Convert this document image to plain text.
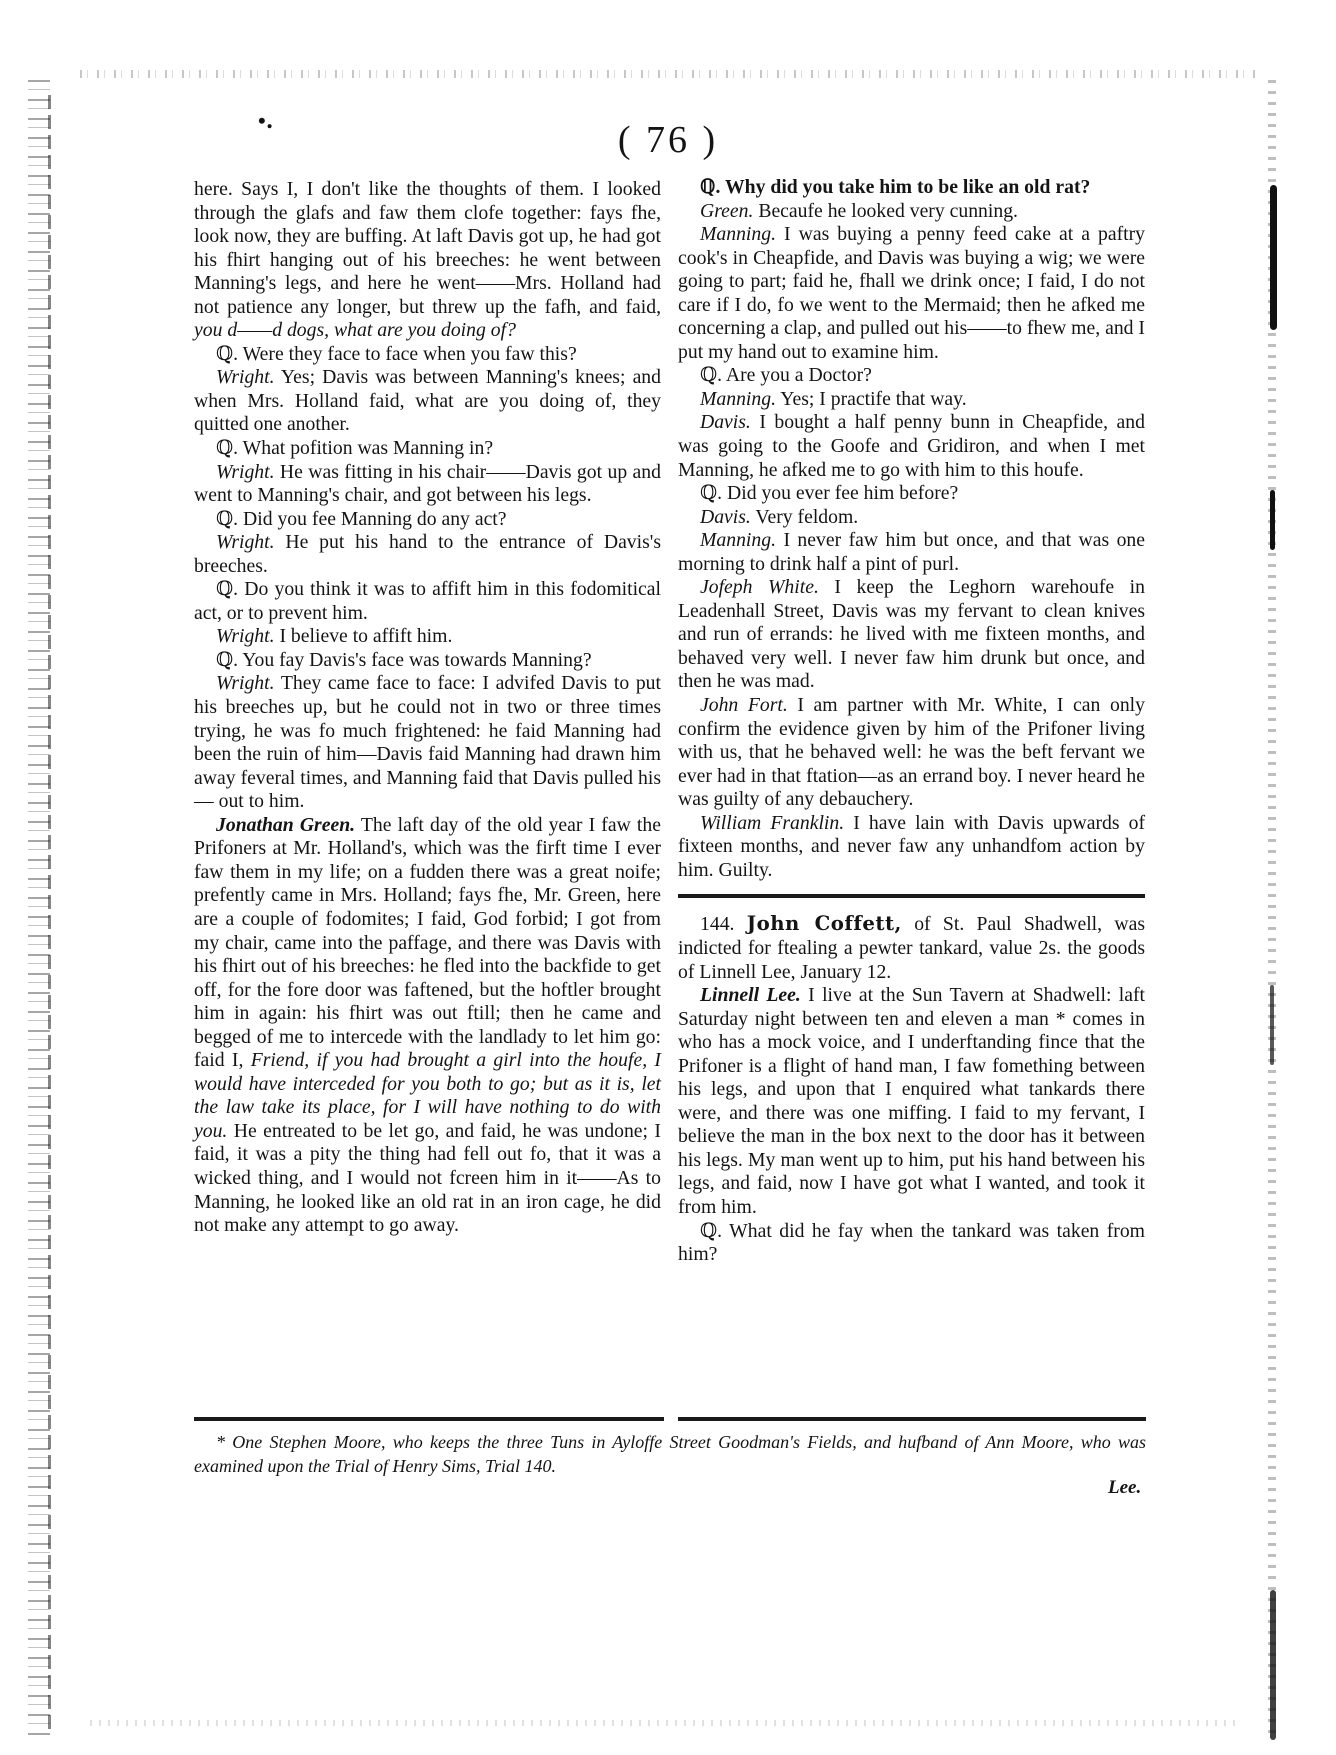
•․	( 76 )

here. Says I, I don't like the thoughts of them. I looked through the glafs and faw them clofe together: fays fhe, look now, they are buffing. At laft Davis got up, he had got his fhirt hanging out of his breeches: he went between Manning's legs, and here he went——Mrs. Holland had not patience any longer, but threw up the fafh, and faid, you d——d dogs, what are you doing of?

ℚ. Were they face to face when you faw this?

Wright. Yes; Davis was between Manning's knees; and when Mrs. Holland faid, what are you doing of, they quitted one another.

ℚ. What pofition was Manning in?

Wright. He was fitting in his chair——Davis got up and went to Manning's chair, and got between his legs.

ℚ. Did you fee Manning do any act?

Wright. He put his hand to the entrance of Davis's breeches.

ℚ. Do you think it was to affift him in this fodomitical act, or to prevent him.

Wright. I believe to affift him.

ℚ. You fay Davis's face was towards Manning?

Wright. They came face to face: I advifed Davis to put his breeches up, but he could not in two or three times trying, he was fo much frightened: he faid Manning had been the ruin of him—Davis faid Manning had drawn him away feveral times, and Manning faid that Davis pulled his— out to him.

Jonathan Green. The laft day of the old year I faw the Prifoners at Mr. Holland's, which was the firft time I ever faw them in my life; on a fudden there was a great noife; prefently came in Mrs. Holland; fays fhe, Mr. Green, here are a couple of fodomites; I faid, God forbid; I got from my chair, came into the paffage, and there was Davis with his fhirt out of his breeches: he fled into the backfide to get off, for the fore door was faftened, but the hoftler brought him in again: his fhirt was out ftill; then he came and begged of me to intercede with the landlady to let him go: faid I, Friend, if you had brought a girl into the houfe, I would have interceded for you both to go; but as it is, let the law take its place, for I will have nothing to do with you. He entreated to be let go, and faid, he was undone; I faid, it was a pity the thing had fell out fo, that it was a wicked thing, and I would not fcreen him in it——As to Manning, he looked like an old rat in an iron cage, he did not make any attempt to go away.

ℚ. Why did you take him to be like an old rat?

Green. Becaufe he looked very cunning.

Manning. I was buying a penny feed cake at a paftry cook's in Cheapfide, and Davis was buying a wig; we were going to part; faid he, fhall we drink once; I faid, I do not care if I do, fo we went to the Mermaid; then he afked me concerning a clap, and pulled out his——to fhew me, and I put my hand out to examine him.

ℚ. Are you a Doctor?

Manning. Yes; I practife that way.

Davis. I bought a half penny bunn in Cheapfide, and was going to the Goofe and Gridiron, and when I met Manning, he afked me to go with him to this houfe.

ℚ. Did you ever fee him before?

Davis. Very feldom.

Manning. I never faw him but once, and that was one morning to drink half a pint of purl.

Jofeph White. I keep the Leghorn warehoufe in Leadenhall Street, Davis was my fervant to clean knives and run of errands: he lived with me fixteen months, and behaved very well. I never faw him drunk but once, and then he was mad.

John Fort. I am partner with Mr. White, I can only confirm the evidence given by him of the Prifoner living with us, that he behaved well: he was the beft fervant we ever had in that ftation—as an errand boy. I never heard he was guilty of any debauchery.

William Franklin. I have lain with Davis upwards of fixteen months, and never faw any unhandfom action by him. Guilty.

144. John Coffett, of St. Paul Shadwell, was indicted for ftealing a pewter tankard, value 2s. the goods of Linnell Lee, January 12.

Linnell Lee. I live at the Sun Tavern at Shadwell: laft Saturday night between ten and eleven a man * comes in who has a mock voice, and I underftanding fince that the Prifoner is a flight of hand man, I faw fomething between his legs, and upon that I enquired what tankards there were, and there was one miffing. I faid to my fervant, I believe the man in the box next to the door has it between his legs. My man went up to him, put his hand between his legs, and faid, now I have got what I wanted, and took it from him.

ℚ. What did he fay when the tankard was taken from him?

* One Stephen Moore, who keeps the three Tuns in Ayloffe Street Goodman's Fields, and hufband of Ann Moore, who was examined upon the Trial of Henry Sims, Trial 140.

Lee.
